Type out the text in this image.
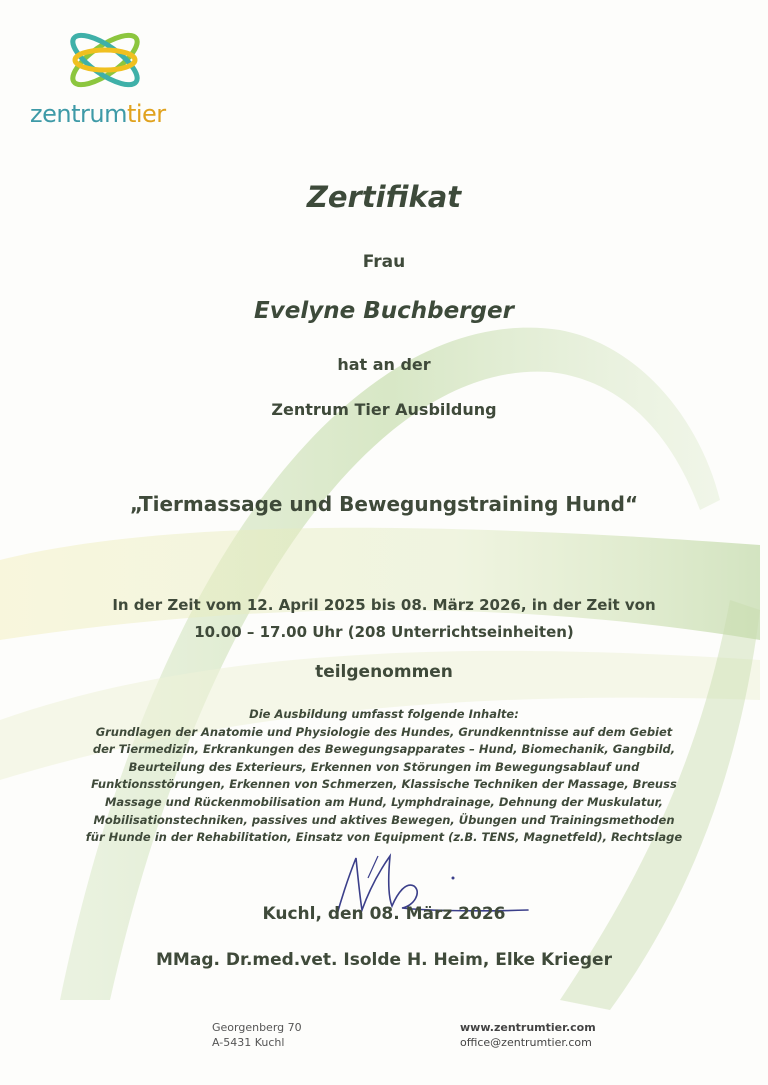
zentrumtier
Zertifikat
Frau
Evelyne Buchberger
hat an der
Zentrum Tier Ausbildung
„Tiermassage und Bewegungstraining Hund“
In der Zeit vom 12. April 2025 bis 08. März 2026, in der Zeit von
10.00 – 17.00 Uhr (208 Unterrichtseinheiten)
teilgenommen
Die Ausbildung umfasst folgende Inhalte:
Grundlagen der Anatomie und Physiologie des Hundes, Grundkenntnisse auf dem Gebiet
der Tiermedizin, Erkrankungen des Bewegungsapparates – Hund, Biomechanik, Gangbild,
Beurteilung des Exterieurs, Erkennen von Störungen im Bewegungsablauf und
Funktionsstörungen, Erkennen von Schmerzen, Klassische Techniken der Massage, Breuss
Massage und Rückenmobilisation am Hund, Lymphdrainage, Dehnung der Muskulatur,
Mobilisationstechniken, passives und aktives Bewegen, Übungen und Trainingsmethoden
für Hunde in der Rehabilitation, Einsatz von Equipment (z.B. TENS, Magnetfeld), Rechtslage
Kuchl, den 08. März 2026
MMag. Dr.med.vet. Isolde H. Heim, Elke Krieger
Georgenberg 70
A-5431 Kuchl
www.zentrumtier.com
office@zentrumtier.com
